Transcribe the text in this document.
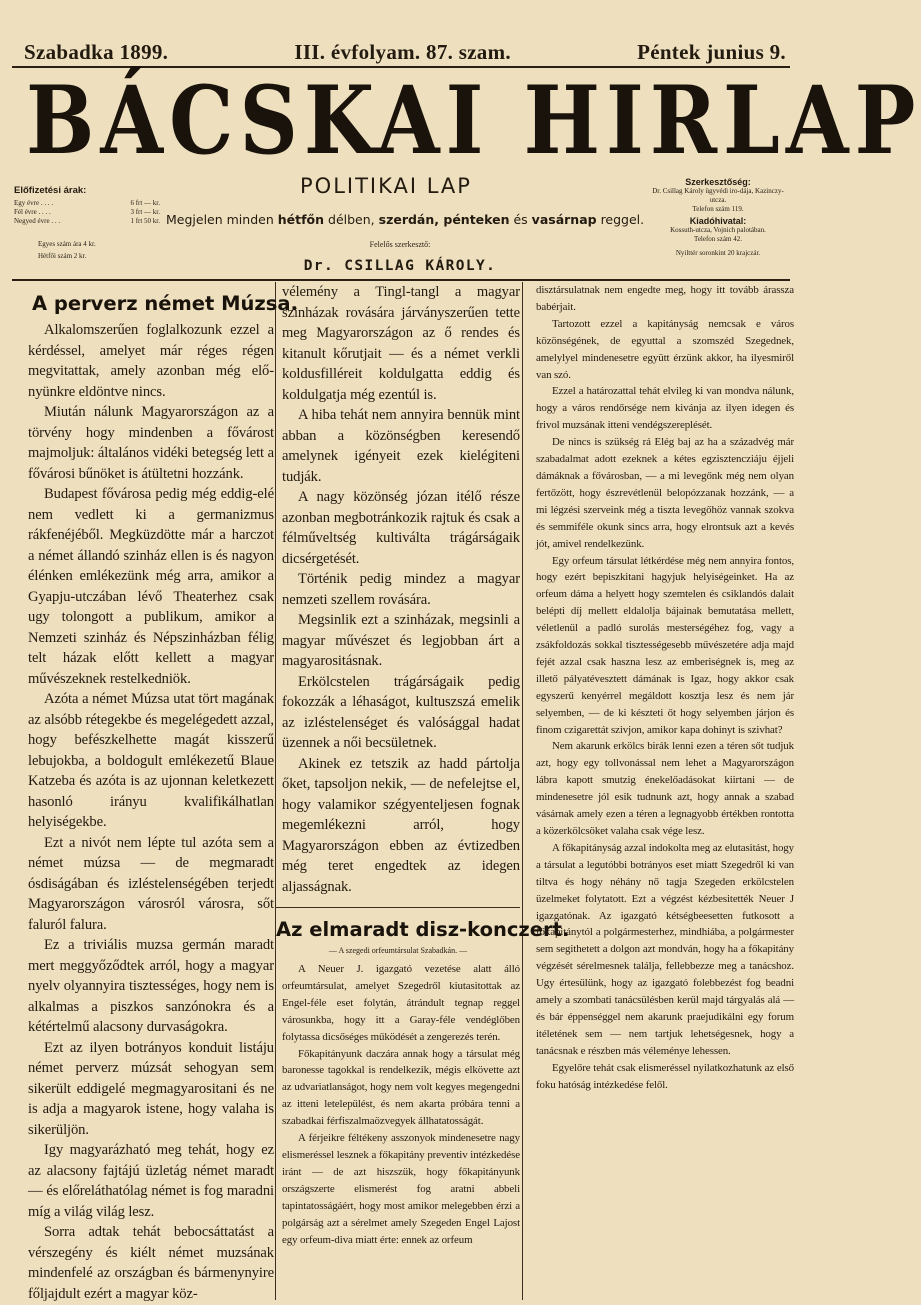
Szabadka 1899.	III. évfolyam. 87. szam.	Péntek junius 9.
BÁCSKAI HIRLAP
POLITIKAI LAP
Megjelen minden hétfőn délben, szerdán, pénteken és vasárnap reggel.
Előfizetési árak:
Egy évre . . . .	6 frt — kr.
Fél évre . . . .	3 frt — kr.
Negyed évre . . .	1 frt 50 kr.
Egyes szám ára 4 kr.
Hétfői szám 2 kr.
Szerkesztőség:
Dr. Csillag Károly ügyvédi iro-dája, Kazinczy-utcza.
Telefon szám 119.
Kiadóhivatal:
Kossuth-utcza, Vojnich palotában.
Telefon szám 42.
Nyilttér soronkint 20 krajczár.
Felelős szerkesztő:
Dr. CSILLAG KÁROLY.
A perverz német Múzsa.

Alkalomszerűen foglalkozunk ezzel a kérdéssel, amelyet már réges régen megvitattak, amely azonban még elő-nyünkre eldöntve nincs.

Miután nálunk Magyarországon az a törvény hogy mindenben a fővárost majmoljuk: általános vidéki betegség lett a fővárosi bűnöket is átültetni hozzánk.

Budapest fővárosa pedig még eddig-elé nem vedlett ki a germanizmus rákfenéjéből. Megküzdötte már a harczot a német állandó szinház ellen is és nagyon élénken emlékezünk még arra, amikor a Gyapju-utczában lévő Theaterhez csak ugy tolongott a publikum, amikor a Nemzeti szinház és Népszinházban félig telt házak előtt kellett a magyar művészeknek restelkedniök.

Azóta a német Múzsa utat tört magának az alsóbb rétegekbe és megelégedett azzal, hogy befészkelhette magát kisszerű lebujokba, a boldogult emlékezetű Blaue Katzeba és azóta is az ujonnan keletkezett hasonló irányu kvalifikálhatlan helyiségekbe.

Ezt a nivót nem lépte tul azóta sem a német múzsa — de megmaradt ósdiságában és izléstelenségében terjedt Magyarországon városról városra, sőt faluról falura.

Ez a triviális muzsa germán maradt mert meggyőződtek arról, hogy a magyar nyelv olyannyira tisztességes, hogy nem is alkalmas a piszkos sanzónokra és a kétértelmű alacsony durvaságokra.

Ezt az ilyen botrányos konduit listáju német perverz múzsát sehogyan sem sikerült eddigelé megmagyarositani és ne is adja a magyarok istene, hogy valaha is sikerüljön.

Igy magyarázható meg tehát, hogy ez az alacsony fajtájú üzletág német maradt — és előreláthatólag német is fog maradni míg a világ világ lesz.

Sorra adtak tehát bebocsáttatást a vérszegény és kiélt német muzsának mindenfelé az országban és bármenynyire főljajdult ezért a magyar köz-

vélemény a Tingl-tangl a magyar szinházak rovására járványszerűen tette meg Magyarországon az ő rendes és kitanult kőrutjait — és a német verkli koldusfilléreit koldulgatta eddig és koldulgatja még ezentúl is.

A hiba tehát nem annyira bennük mint abban a közönségben keresendő amelynek igényeit ezek kielégiteni tudják.

A nagy közönség józan itélő része azonban megbotránkozik rajtuk és csak a félműveltség kultiválta trágárságaik dicsérgetését.

Történik pedig mindez a magyar nemzeti szellem rovására.

Megsinlik ezt a szinházak, megsinli a magyar művészet és legjobban árt a magyarositásnak.

Erkölcstelen trágárságaik pedig fokozzák a léhaságot, kultuszszá emelik az izléstelenséget és valósággal hadat üzennek a női becsületnek.

Akinek ez tetszik az hadd pártolja őket, tapsoljon nekik, — de nefelejtse el, hogy valamikor szégyenteljesen fognak megemlékezni arról, hogy Magyarországon ebben az évtizedben még teret engedtek az idegen aljasságnak.

Az elmaradt disz-konczert.
— A szegedi orfeumtársulat Szabadkán. —

A Neuer J. igazgató vezetése alatt álló orfeumtársulat, amelyet Szegedről kiutasitottak az Engel-féle eset folytán, átrándult tegnap reggel városunkba, hogy itt a Garay-féle vendéglőben folytassa dicsőséges működését a zengerezés terén.

Főkapitányunk daczára annak hogy a társulat még baronesse tagokkal is rendelkezik, mégis elkövette azt az udvariatlanságot, hogy nem volt kegyes megengedni az itteni letelepülést, és nem akarta próbára tenni a szabadkai férfiszalmaözvegyek állhatatosságát.

A férjeikre féltékeny asszonyok mindenesetre nagy elismeréssel lesznek a főkapitány preventiv intézkedése iránt — de azt hiszszük, hogy főkapitányunk országszerte elismerést fog aratni abbeli tapintatosságáért, hogy most amikor melegebben érzi a polgárság azt a sérelmet amely Szegeden Engel Lajost egy orfeum-diva miatt érte: ennek az orfeum

disztársulatnak nem engedte meg, hogy itt tovább árassza babérjait.

Tartozott ezzel a kapitányság nemcsak e város közönségének, de egyuttal a szomszéd Szegednek, amelylyel mindenesetre együtt érzünk akkor, ha ilyesmiről van szó.

Ezzel a határozattal tehát elvileg ki van mondva nálunk, hogy a város rendőrsége nem kivánja az ilyen idegen és frivol muzsának itteni vendégszereplését.

De nincs is szükség rá Elég baj az ha a századvég már szabadalmat adott ezeknek a kétes egzisztencziáju éjjeli dámáknak a fővárosban, — a mi levegőnk még nem olyan fertőzött, hogy észrevétlenül belopózzanak hozzánk, — a mi légzési szerveink még a tiszta levegőhöz vannak szokva és semmiféle okunk sincs arra, hogy elrontsuk azt a kevés jót, amivel rendelkezünk.

Egy orfeum társulat létkérdése még nem annyira fontos, hogy ezért bepiszkitani hagyjuk helyiségeinket. Ha az orfeum dáma a helyett hogy szemtelen és csiklandós dalait belépti díj mellett eldalolja bájainak bemutatása mellett, véletlenül a padló surolás mesterségéhez fog, vagy a zsákfoldozás sokkal tisztességesebb művészetére adja majd fejét azzal csak haszna lesz az emberiségnek is, meg az illető pályatévesztett dámának is Igaz, hogy akkor csak egyszerű kenyérrel megáldott kosztja lesz és nem jár selyemben, — de ki készteti őt hogy selyemben járjon és finom czigarettát szivjon, amikor kapa dohinyt is szivhat?

Nem akarunk erkölcs birák lenni ezen a téren sőt tudjuk azt, hogy egy tollvonással nem lehet a Magyarországon lábra kapott smutzig énekelőadásokat kiirtani — de mindenesetre jól esik tudnunk azt, hogy annak a szabad vásárnak amely ezen a téren a legnagyobb értékben rontotta a közerkölcsöket valaha csak vége lesz.

A főkapitányság azzal indokolta meg az elutasitást, hogy a társulat a legutóbbi botrányos eset miatt Szegedről ki van tiltva és hogy néhány nő tagja Szegeden erkölcstelen üzelmeket folytatott. Ezt a végzést kézbesitették Neuer J igazgatónak. Az igazgató kétségbeesetten futkosott a főkapitánytól a polgármesterhez, mindhiába, a polgármester sem segithetett a dolgon azt mondván, hogy ha a főkapitány végzését sérelmesnek találja, fellebbezze meg a tanácshoz. Ugy értesülünk, hogy az igazgató folebbezést fog beadni amely a szombati tanácsülésben kerül majd tárgyalás alá — és bár éppenséggel nem akarunk praejudikálni egy forum itéletének sem — nem tartjuk lehetségesnek, hogy a tanácsnak e részben más véleménye lehessen.

Egyelőre tehát csak elismeréssel nyilatkozhatunk az első foku hatóság intézkedése felől.
